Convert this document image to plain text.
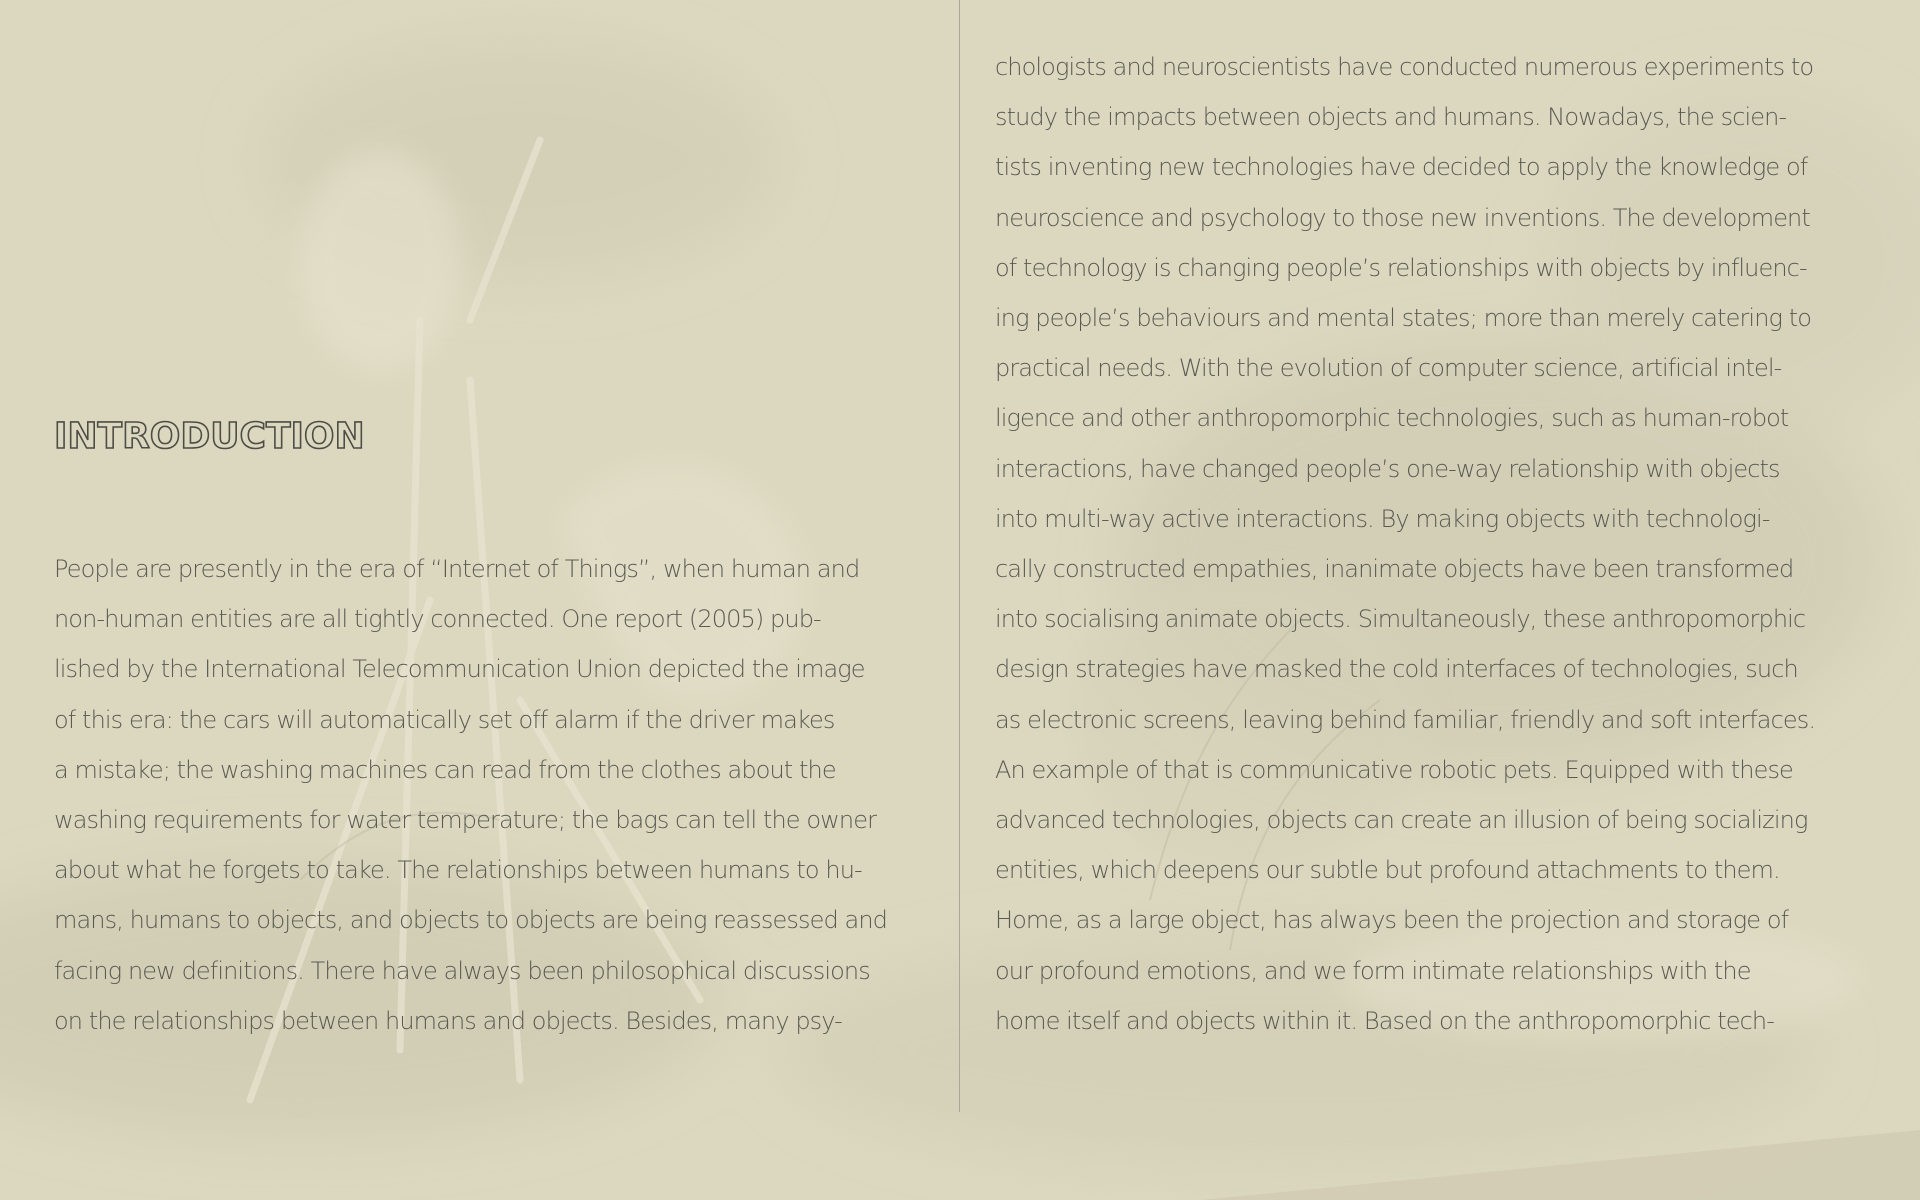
INTRODUCTION
People are presently in the era of “Internet of Things”, when human and
non-human entities are all tightly connected. One report (2005) pub-
lished by the International Telecommunication Union depicted the image
of this era: the cars will automatically set off alarm if the driver makes
a mistake; the washing machines can read from the clothes about the
washing requirements for water temperature; the bags can tell the owner
about what he forgets to take. The relationships between humans to hu-
mans, humans to objects, and objects to objects are being reassessed and
facing new definitions. There have always been philosophical discussions
on the relationships between humans and objects. Besides, many psy-
chologists and neuroscientists have conducted numerous experiments to
study the impacts between objects and humans. Nowadays, the scien-
tists inventing new technologies have decided to apply the knowledge of
neuroscience and psychology to those new inventions. The development
of technology is changing people’s relationships with objects by influenc-
ing people’s behaviours and mental states; more than merely catering to
practical needs. With the evolution of computer science, artificial intel-
ligence and other anthropomorphic technologies, such as human-robot
interactions, have changed people’s one-way relationship with objects
into multi-way active interactions. By making objects with technologi-
cally constructed empathies, inanimate objects have been transformed
into socialising animate objects. Simultaneously, these anthropomorphic
design strategies have masked the cold interfaces of technologies, such
as electronic screens, leaving behind familiar, friendly and soft interfaces.
An example of that is communicative robotic pets. Equipped with these
advanced technologies, objects can create an illusion of being socializing
entities, which deepens our subtle but profound attachments to them.
Home, as a large object, has always been the projection and storage of
our profound emotions, and we form intimate relationships with the
home itself and objects within it. Based on the anthropomorphic tech-
